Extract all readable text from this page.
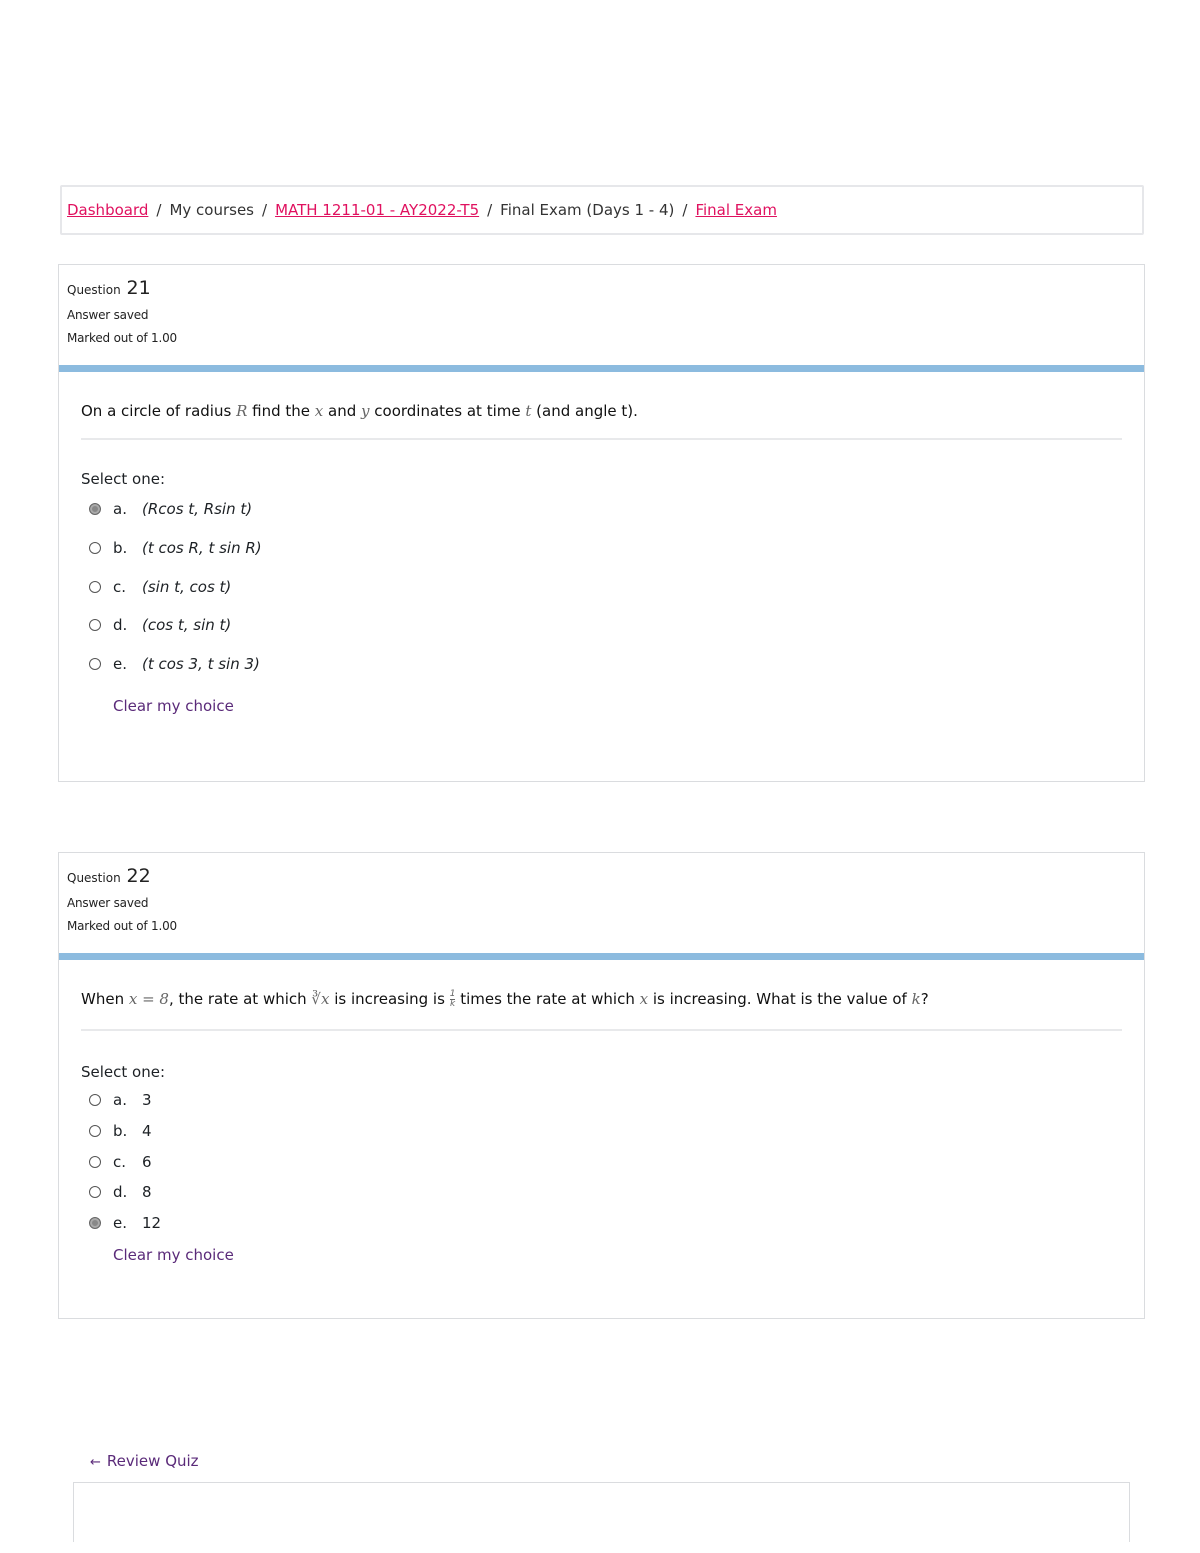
Dashboard / My courses / MATH 1211-01 - AY2022-T5 / Final Exam (Days 1 - 4) / Final Exam
Question 21
Answer saved
Marked out of 1.00
On a circle of radius R find the x and y coordinates at time t (and angle t).
Select one:
a.	(Rcos t, Rsin t)
b. (t cos R, t sin R)
c.	(sin t, cos t)
d. (cos t, sin t)
e.	(t cos 3, t sin 3)
Clear my choice
Question 22
Answer saved
Marked out of 1.00
When x = 8, the rate at which ∛x is increasing is $\frac{1}{k}$ times the rate at which x is increasing. What is the value of k?
Select one:
a.	3
b. 4
c.	6
d. 8
e.	12
Clear my choice
← Review Quiz
